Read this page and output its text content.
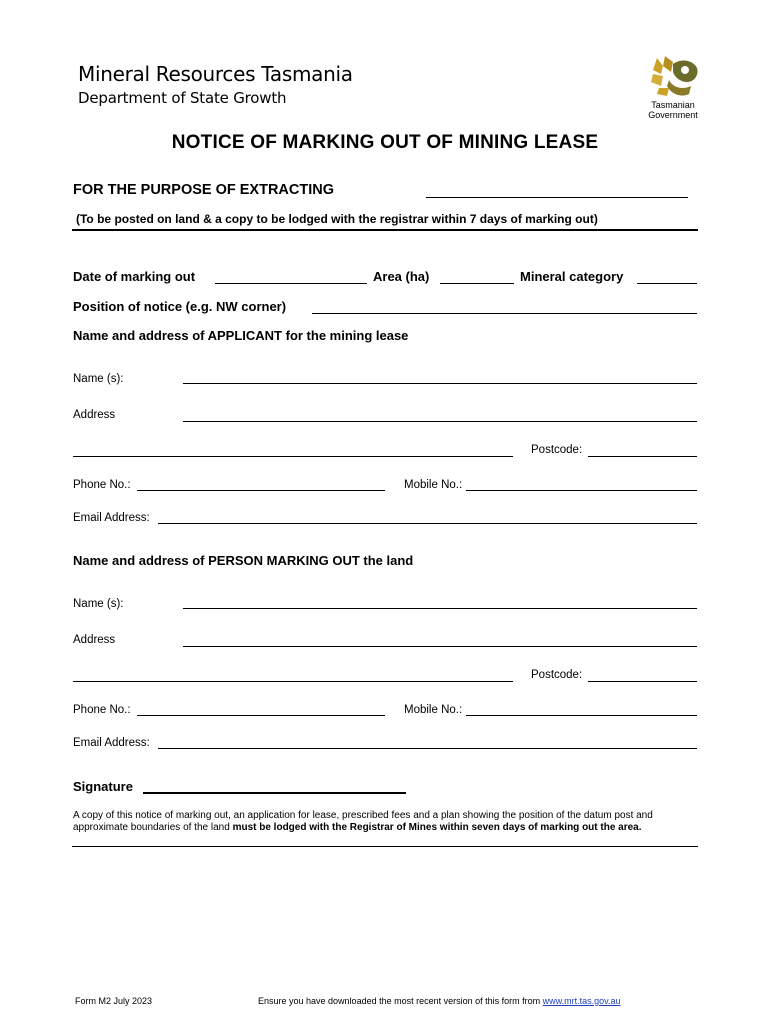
Mineral Resources Tasmania
Department of State Growth	Tasmanian
Government
NOTICE OF MARKING OUT OF MINING LEASE
FOR THE PURPOSE OF EXTRACTING
(To be posted on land & a copy to be lodged with the registrar within 7 days of marking out)
Date of marking out	Area (ha)	Mineral category
Position of notice (e.g. NW corner)
Name and address of APPLICANT for the mining lease
Name (s):
Address
Postcode:
Phone No.:	Mobile No.:
Email Address:
Name and address of PERSON MARKING OUT the land
Name (s):
Address
Postcode:
Phone No.:	Mobile No.:
Email Address:
Signature
A copy of this notice of marking out, an application for lease, prescribed fees and a plan showing the position of the datum post and approximate boundaries of the land must be lodged with the Registrar of Mines within seven days of marking out the area.
Form M2 July 2023	Ensure you have downloaded the most recent version of this form from www.mrt.tas.gov.au
